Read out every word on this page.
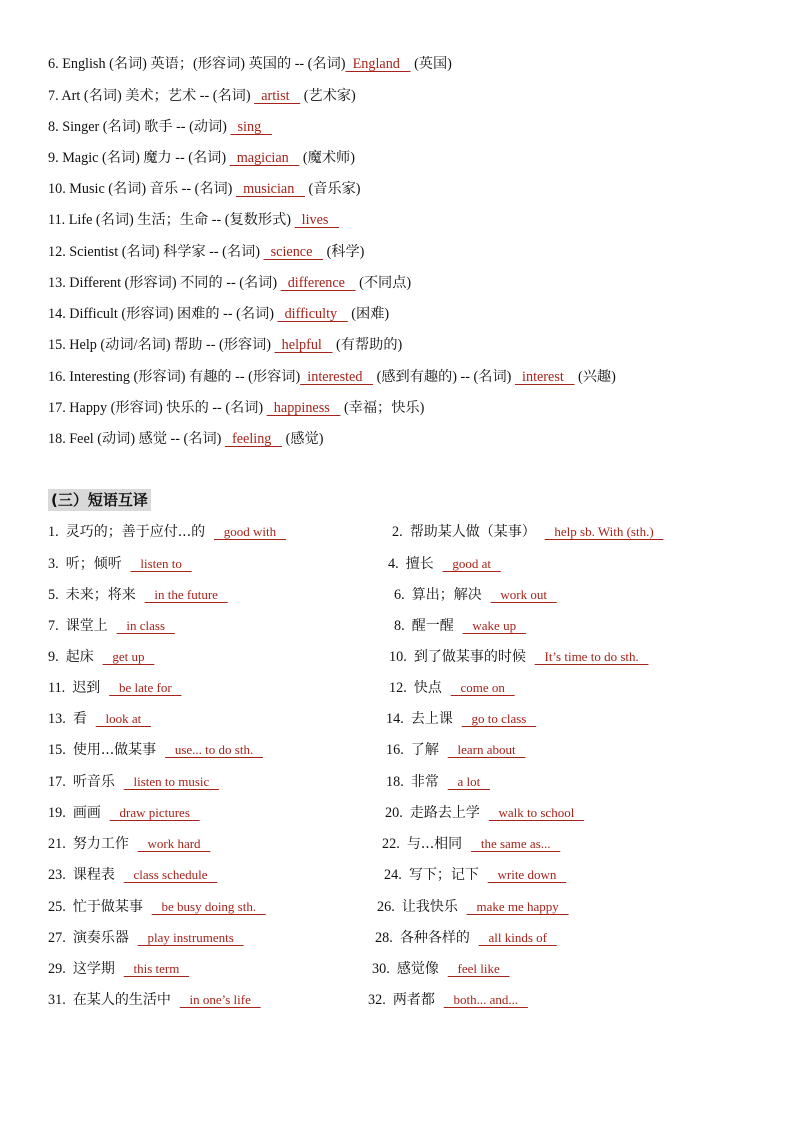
6. English (名词) 英语；(形容词) 英国的 -- (名词)  England    (英国)
7. Art (名词) 美术；艺术 -- (名词)   artist    (艺术家)
8. Singer (名词) 歌手 -- (动词)   sing
9. Magic (名词) 魔力 -- (名词)   magician    (魔术师)
10. Music (名词) 音乐 -- (名词)   musician    (音乐家)
11. Life (名词) 生活；生命 -- (复数形式)   lives
12. Scientist (名词) 科学家 -- (名词)   science    (科学)
13. Different (形容词) 不同的 -- (名词)   difference    (不同点)
14. Difficult (形容词) 困难的 -- (名词)   difficulty    (困难)
15. Help (动词/名词) 帮助 -- (形容词)   helpful    (有帮助的)
16. Interesting (形容词) 有趣的 -- (形容词)  interested    (感到有趣的) -- (名词)   interest    (兴趣)
17. Happy (形容词) 快乐的 -- (名词)   happiness    (幸福；快乐)
18. Feel (动词) 感觉 -- (名词)   feeling    (感觉)
(三）短语互译
1.  灵巧的；善于应付...的     good with	2.  帮助某人做（某事）     help sb. With (sth.)
3.  听；倾听     listen to	4.  擅长     good at
5.  未来；将来     in the future	6.  算出；解决     work out
7.  课堂上     in class	8.  醒一醒     wake up
9.  起床     get up	10.  到了做某事的时候     It’s time to do sth.
11.  迟到     be late for	12.  快点     come on
13.  看     look at	14.  去上课     go to class
15.  使用...做某事     use... to do sth.	16.  了解     learn about
17.  听音乐     listen to music	18.  非常     a lot
19.  画画     draw pictures	20.  走路去上学     walk to school
21.  努力工作     work hard	22.  与...相同     the same as...
23.  课程表     class schedule	24.  写下；记下     write down
25.  忙于做某事     be busy doing sth.	26.  让我快乐     make me happy
27.  演奏乐器     play instruments	28.  各种各样的     all kinds of
29.  这学期     this term	30.  感觉像     feel like
31.  在某人的生活中     in one’s life	32.  两者都     both... and...
